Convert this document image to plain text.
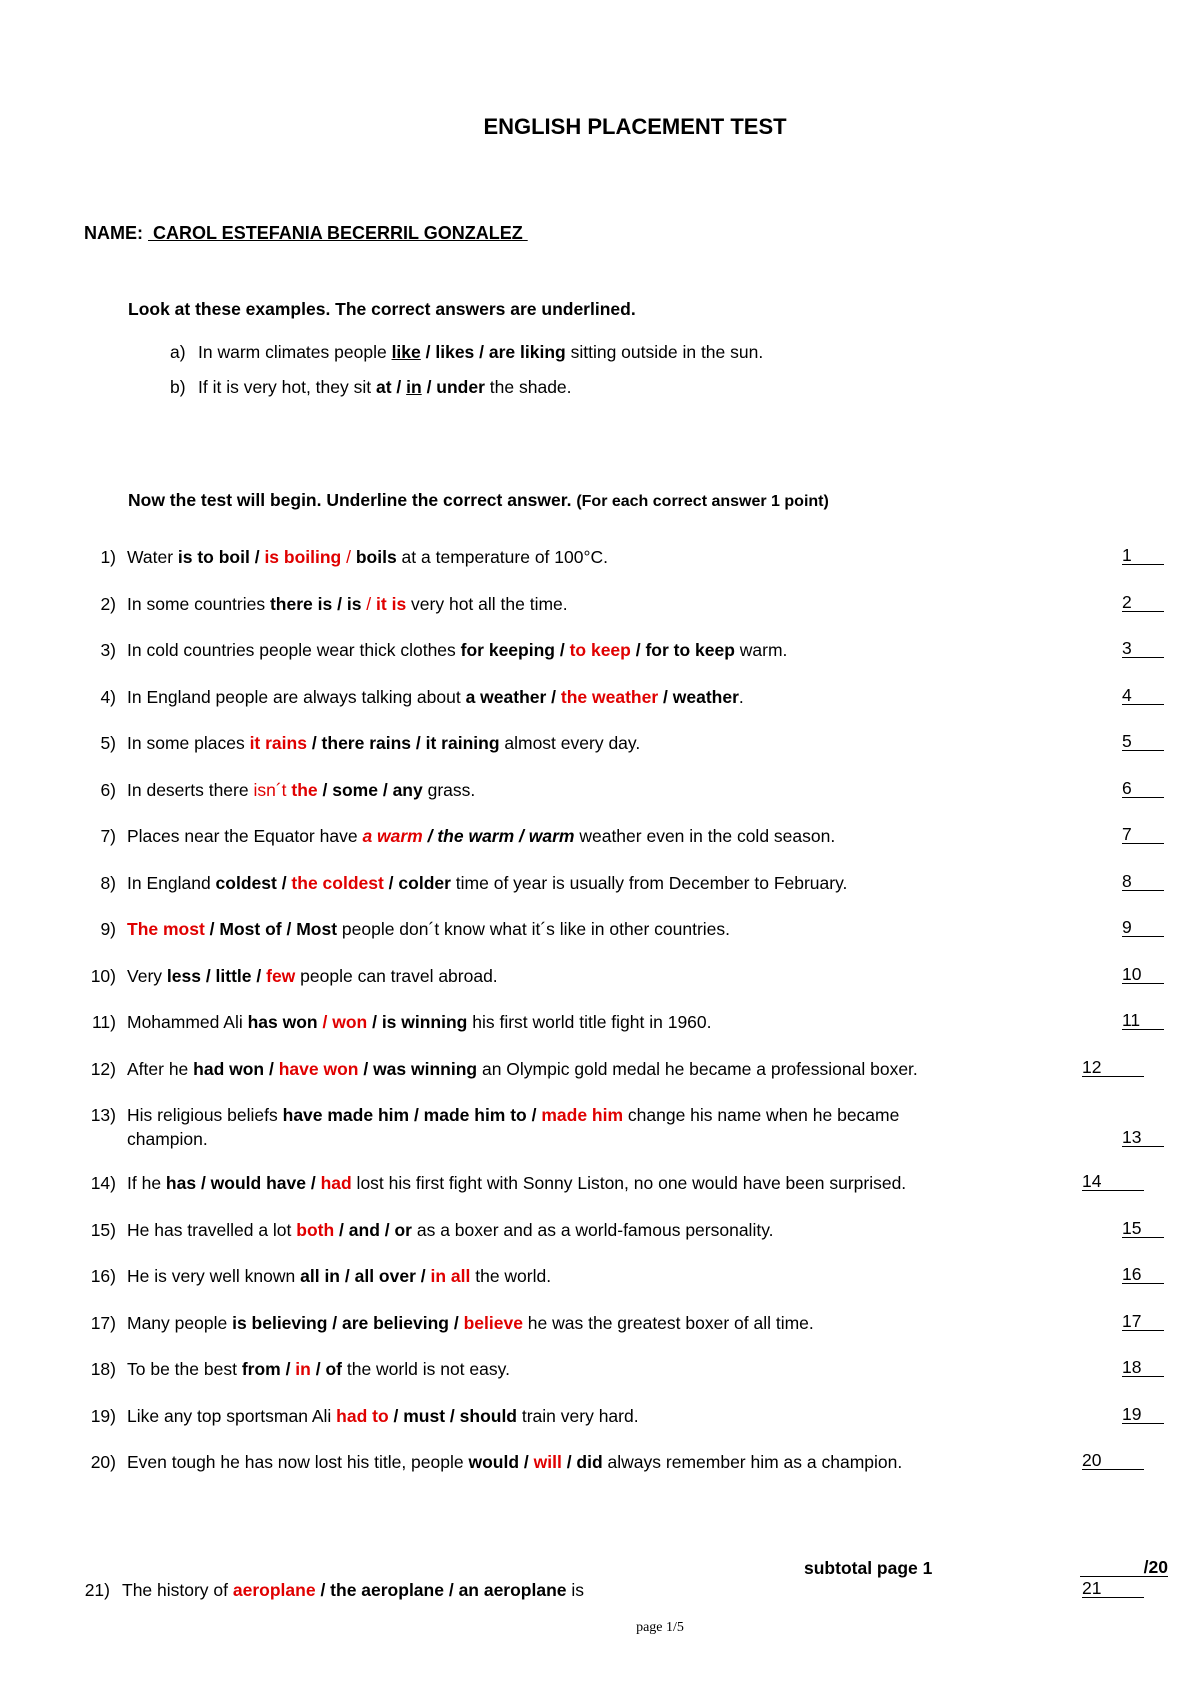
ENGLISH PLACEMENT TEST
NAME:  CAROL ESTEFANIA BECERRIL GONZALEZ
Look at these examples. The correct answers are underlined.
a) In warm climates people like / likes / are liking sitting outside in the sun.
b) If it is very hot, they sit at / in / under the shade.
Now the test will begin. Underline the correct answer. (For each correct answer 1 point)
1) Water is to boil / is boiling / boils at a temperature of 100°C.	1
2) In some countries there is / is / it is very hot all the time.	2
3) In cold countries people wear thick clothes for keeping / to keep / for to keep warm.	3
4) In England people are always talking about a weather / the weather / weather.	4
5) In some places it rains / there rains / it raining almost every day.	5
6) In deserts there isn´t the / some / any grass.	6
7) Places near the Equator have a warm / the warm / warm weather even in the cold season.	7
8) In England coldest / the coldest / colder time of year is usually from December to February.	8
9) The most / Most of / Most people don´t know what it´s like in other countries.	9
10) Very less / little / few people can travel abroad.	10
11) Mohammed Ali has won / won / is winning his first world title fight in 1960.	11
12) After he had won / have won / was winning an Olympic gold medal he became a professional boxer.	12
13) His religious beliefs have made him / made him to / made him change his name when he became
champion.	13
14) If he has / would have / had lost his first fight with Sonny Liston, no one would have been surprised.	14
15) He has travelled a lot both / and / or as a boxer and as a world-famous personality.	15
16) He is very well known all in / all over / in all the world.	16
17) Many people is believing / are believing / believe he was the greatest boxer of all time.	17
18) To be the best from / in / of the world is not easy.	18
19) Like any top sportsman Ali had to / must / should train very hard.	19
20) Even tough he has now lost his title, people would / will / did always remember him as a champion.	20
subtotal page 1	/20
21) The history of aeroplane / the aeroplane / an aeroplane is	21
page 1/5
